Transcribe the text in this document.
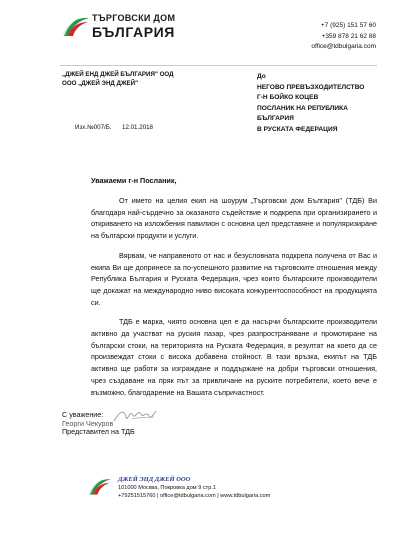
ТЪРГОВСКИ ДОМ
БЪЛГАРИЯ	+7 (925) 151 57 60
+359 878 21 62 88
office@tdbulgaria.com
„ДЖЕЙ ЕНД ДЖЕЙ БЪЛГАРИЯ" ООД
ООО „ДЖЕЙ ЭНД ДЖЕЙ"
До
НЕГОВО ПРЕВЪЗХОДИТЕЛСТВО
Г-Н БОЙКО КОЦЕВ
ПОСЛАНИК НА РЕПУБЛИКА
БЪЛГАРИЯ
В РУСКАТА ФЕДЕРАЦИЯ
Изх.№007/Б. 12.01.2018
Уважаеми г-н Посланик,

От името на целия екип на шоурум „Търговски дом България" (ТДБ) Ви благодаря най-сърдечно за оказаното съдействие и подкрепа при организирането и откриването на изложбения павилион с основна цел представяне и популяризиране на български продукти и услуги.

Вярвам, че направеното от нас и безусловната подкрепа получена от Вас и екипа Ви ще допринесе за по-успешното развитие на търговските отношения между Република България и Руската Федерация, чрез които българските производители ще докажат на международно ниво високата конкурентоспособност на продукцията си.

ТДБ е марка, чиято основна цел е да насърчи българските производители активно да участват на руския пазар, чрез разпространяване и промотиране на български стоки, на територията на Руската Федерация, в резултат на което да се произвеждат стоки с висока добавена стойност. В тази връзка, екипът на ТДБ активно ще работи за изграждане и поддържане на добри търговски отношения, чрез създаване на пряк път за привличане на руските потребители, което вече е възможно, благодарение на Вашата съпричастност.

С уважение:
Георги Чекуров
Представител на ТДБ
ДЖЕЙ ЭНД ДЖЕЙ ООО
101000 Москва, Покровка дом 9 стр.1
+79251515760 | office@tdbulgaria.com | www.tdbulgaria.com
